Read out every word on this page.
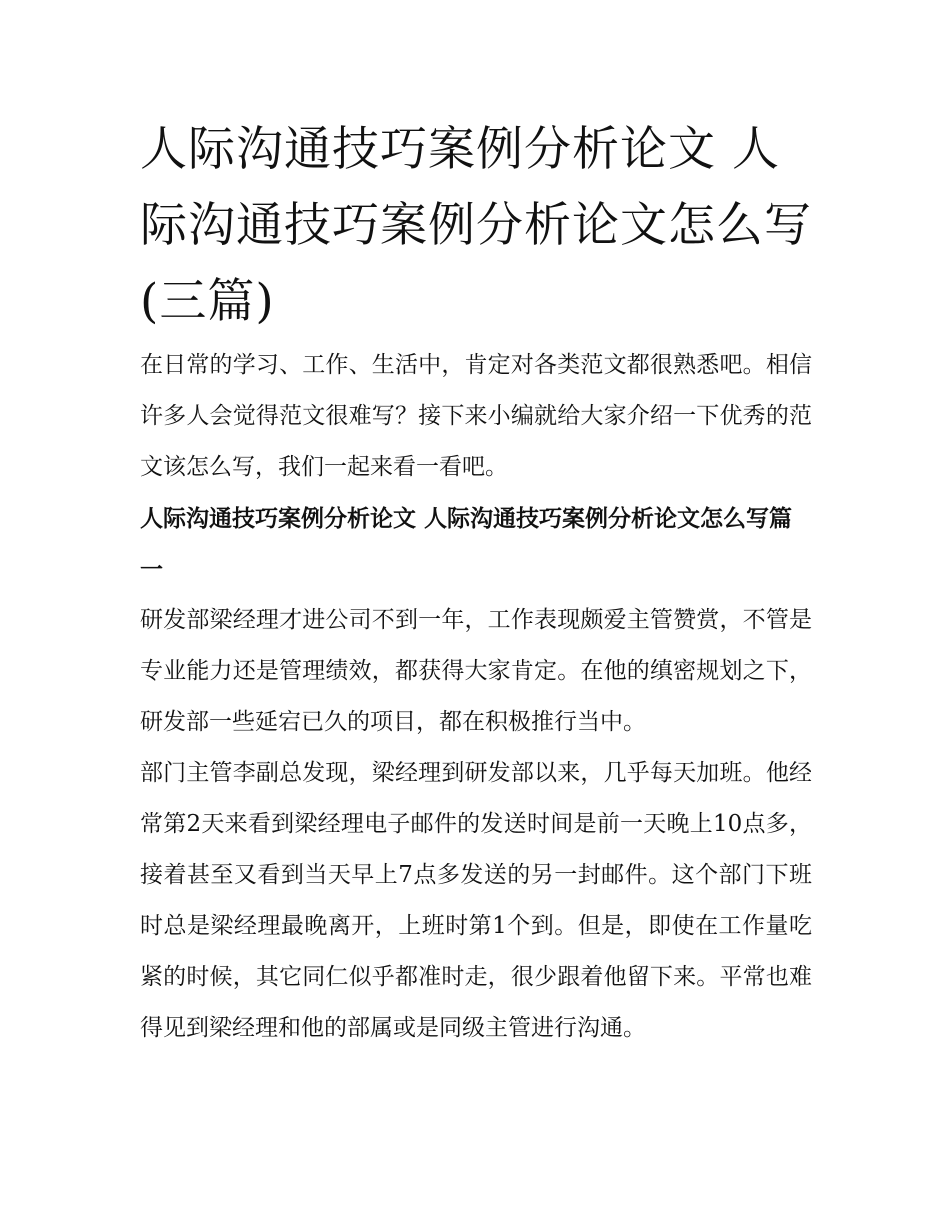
人际沟通技巧案例分析论文 人际沟通技巧案例分析论文怎么写(三篇)

在日常的学习、工作、生活中，肯定对各类范文都很熟悉吧。相信许多人会觉得范文很难写？接下来小编就给大家介绍一下优秀的范文该怎么写，我们一起来看一看吧。

人际沟通技巧案例分析论文 人际沟通技巧案例分析论文怎么写篇一

研发部梁经理才进公司不到一年，工作表现颇爱主管赞赏，不管是专业能力还是管理绩效，都获得大家肯定。在他的缜密规划之下，研发部一些延宕已久的项目，都在积极推行当中。

部门主管李副总发现，梁经理到研发部以来，几乎每天加班。他经常第2天来看到梁经理电子邮件的发送时间是前一天晚上10点多，接着甚至又看到当天早上7点多发送的另一封邮件。这个部门下班时总是梁经理最晚离开，上班时第1个到。但是，即使在工作量吃紧的时候，其它同仁似乎都准时走，很少跟着他留下来。平常也难得见到梁经理和他的部属或是同级主管进行沟通。
